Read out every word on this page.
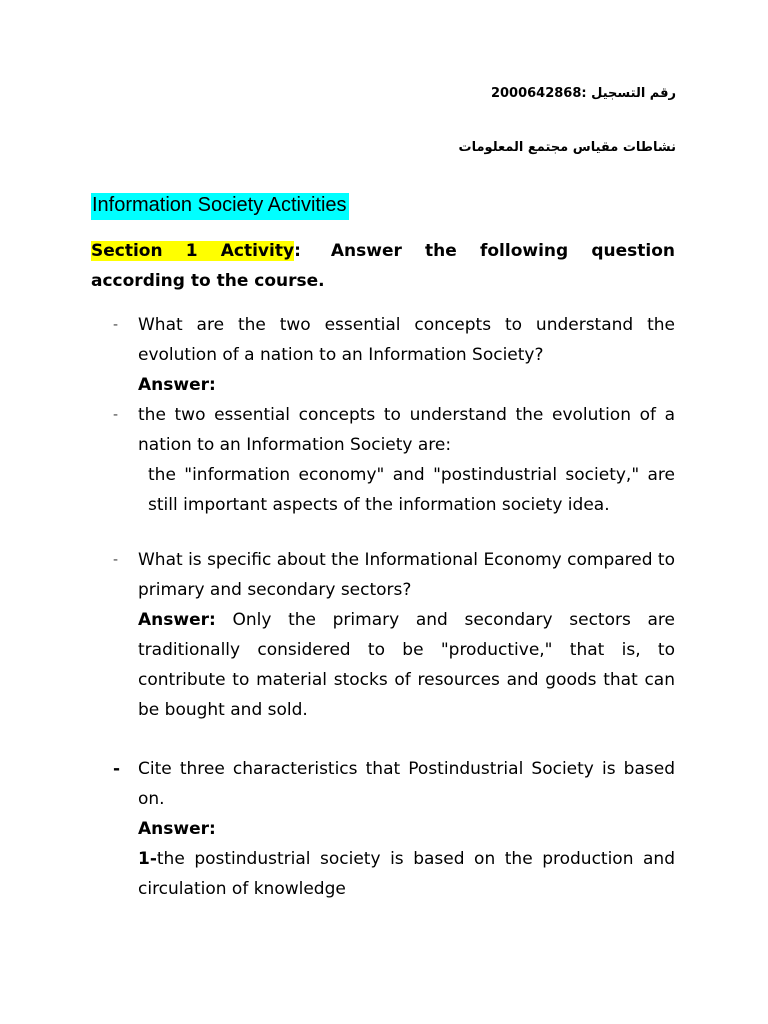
رقم التسجيل :2000642868
نشاطات مقياس مجتمع المعلومات
Information Society Activities
Section 1 Activity: Answer the following question according to the course.
- What are the two essential concepts to understand the evolution of a nation to an Information Society?
Answer:
- the two essential concepts to understand the evolution of a nation to an Information Society are:
the "information economy" and "postindustrial society," are still important aspects of the information society idea.
- What is specific about the Informational Economy compared to primary and secondary sectors?
Answer: Only the primary and secondary sectors are traditionally considered to be "productive," that is, to contribute to material stocks of resources and goods that can be bought and sold.
- Cite three characteristics that Postindustrial Society is based on.
Answer:
1-the postindustrial society is based on the production and circulation of knowledge
